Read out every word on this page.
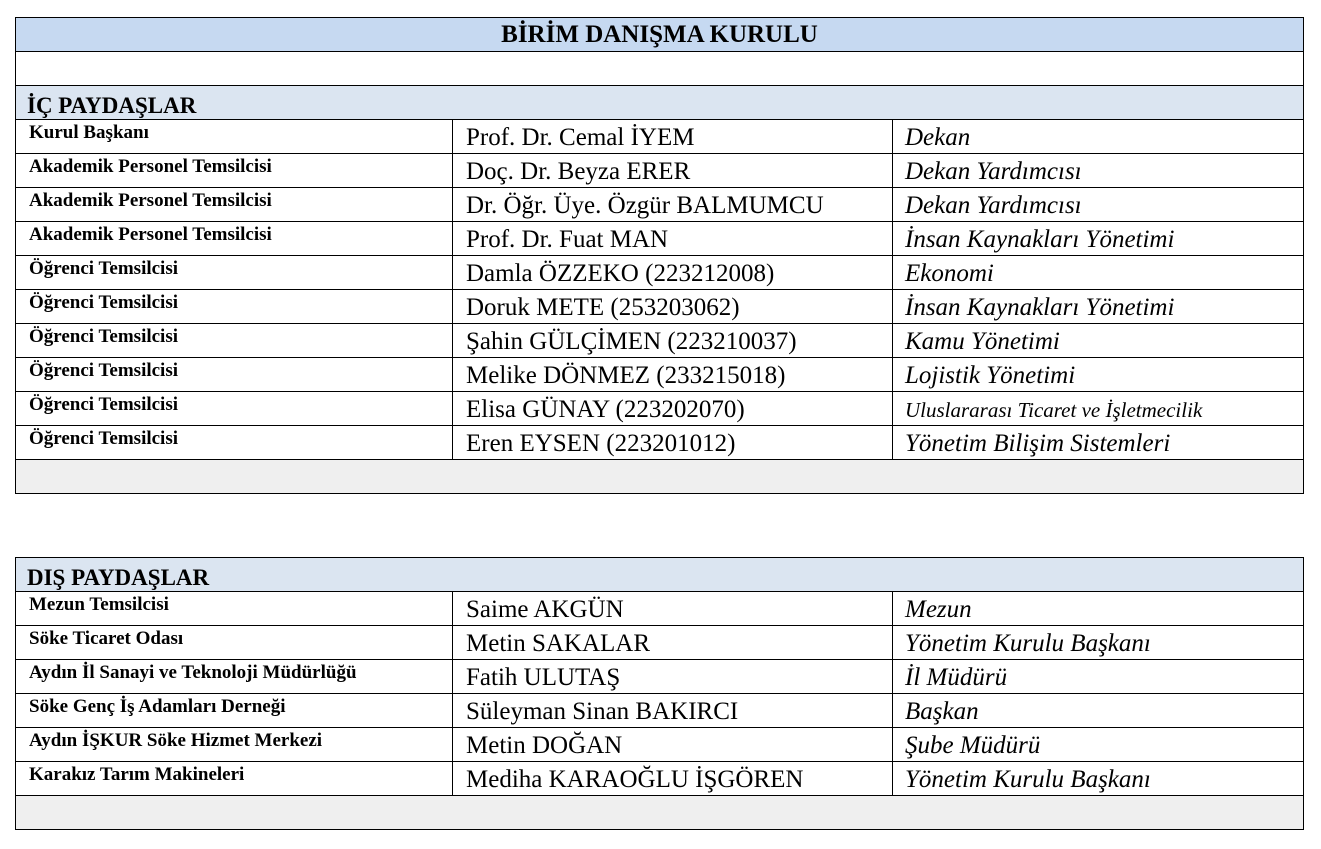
BİRİM DANIŞMA KURULU
İÇ PAYDAŞLAR
Kurul Başkanı	Prof. Dr. Cemal İYEM	Dekan
Akademik Personel Temsilcisi	Doç. Dr. Beyza ERER	Dekan Yardımcısı
Akademik Personel Temsilcisi	Dr. Öğr. Üye. Özgür BALMUMCU	Dekan Yardımcısı
Akademik Personel Temsilcisi	Prof. Dr. Fuat MAN	İnsan Kaynakları Yönetimi
Öğrenci Temsilcisi	Damla ÖZZEKO (223212008)	Ekonomi
Öğrenci Temsilcisi	Doruk METE (253203062)	İnsan Kaynakları Yönetimi
Öğrenci Temsilcisi	Şahin GÜLÇİMEN (223210037)	Kamu Yönetimi
Öğrenci Temsilcisi	Melike DÖNMEZ (233215018)	Lojistik Yönetimi
Öğrenci Temsilcisi	Elisa GÜNAY (223202070)	Uluslararası Ticaret ve İşletmecilik
Öğrenci Temsilcisi	Eren EYSEN (223201012)	Yönetim Bilişim Sistemleri
DIŞ PAYDAŞLAR
Mezun Temsilcisi	Saime AKGÜN	Mezun
Söke Ticaret Odası	Metin SAKALAR	Yönetim Kurulu Başkanı
Aydın İl Sanayi ve Teknoloji Müdürlüğü	Fatih ULUTAŞ	İl Müdürü
Söke Genç İş Adamları Derneği	Süleyman Sinan BAKIRCI	Başkan
Aydın İŞKUR Söke Hizmet Merkezi	Metin DOĞAN	Şube Müdürü
Karakız Tarım Makineleri	Mediha KARAOĞLU İŞGÖREN	Yönetim Kurulu Başkanı
